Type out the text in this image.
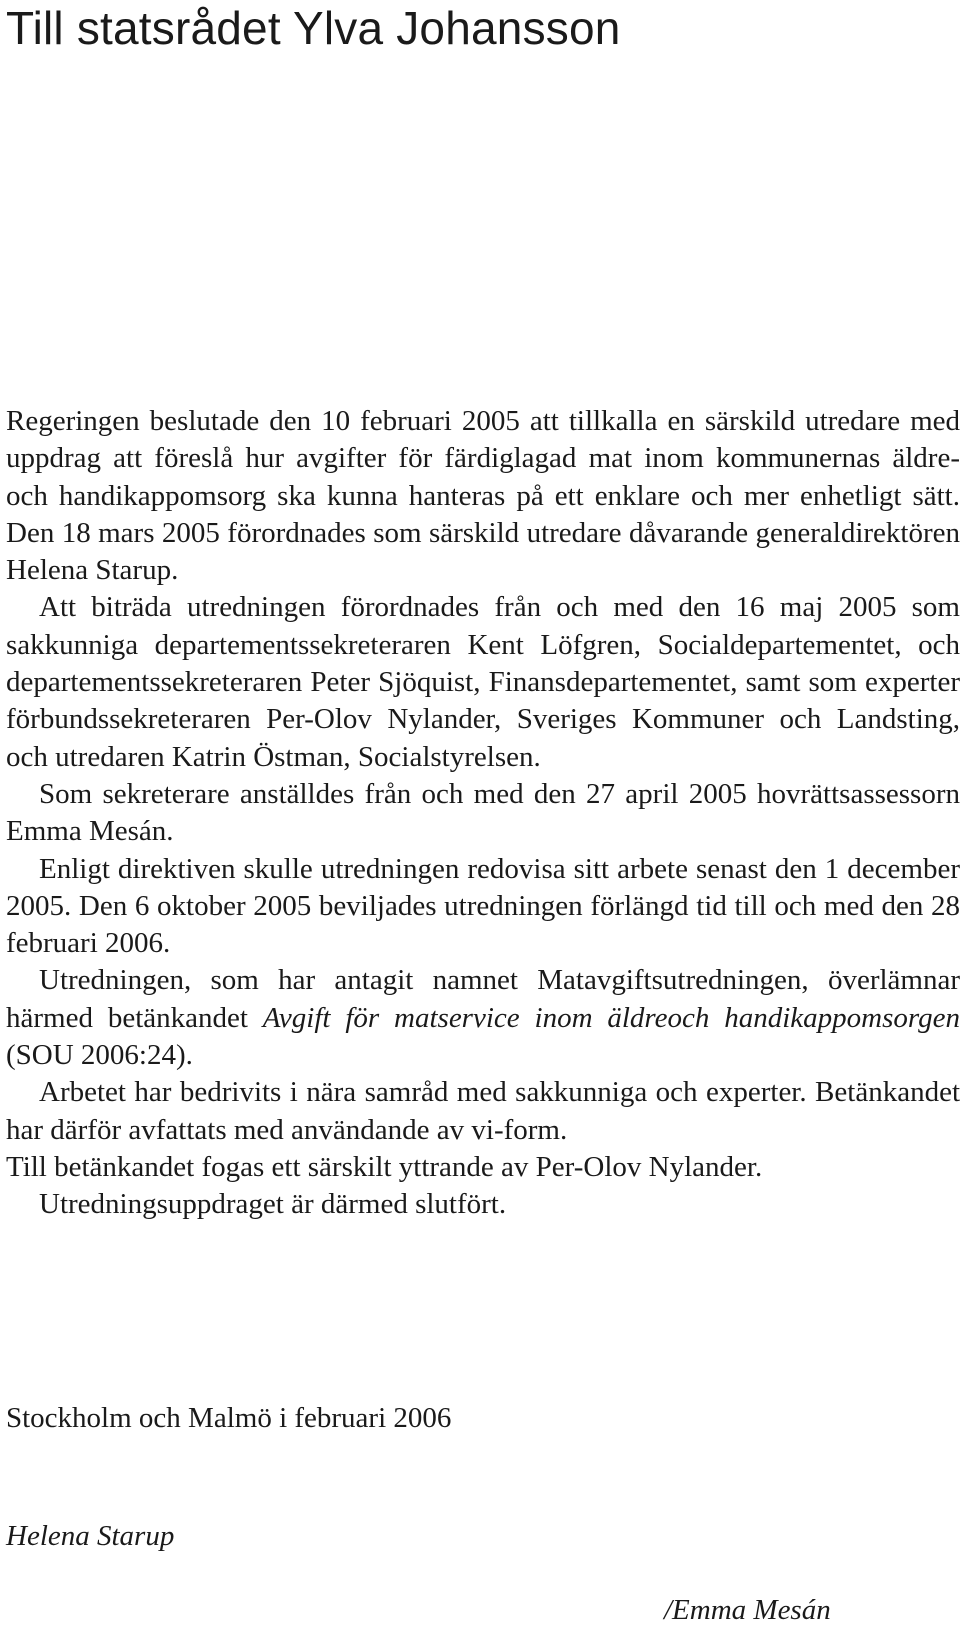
Till statsrådet Ylva Johansson

Regeringen beslutade den 10 februari 2005 att tillkalla en särskild utredare med uppdrag att föreslå hur avgifter för färdiglagad mat inom kommunernas äldre- och handikappomsorg ska kunna hanteras på ett enklare och mer enhetligt sätt. Den 18 mars 2005 förordnades som särskild utredare dåvarande generaldirektören Helena Starup.

Att biträda utredningen förordnades från och med den 16 maj 2005 som sakkunniga departementssekreteraren Kent Löfgren, Socialdepartementet, och departementssekreteraren Peter Sjöquist, Finansdepartementet, samt som experter förbundssekreteraren Per-Olov Nylander, Sveriges Kommuner och Landsting, och utredaren Katrin Östman, Socialstyrelsen.

Som sekreterare anställdes från och med den 27 april 2005 hovrättsassessorn Emma Mesán.

Enligt direktiven skulle utredningen redovisa sitt arbete senast den 1 december 2005. Den 6 oktober 2005 beviljades utredningen förlängd tid till och med den 28 februari 2006.

Utredningen, som har antagit namnet Matavgiftsutredningen, överlämnar härmed betänkandet Avgift för matservice inom äldreoch handikappomsorgen (SOU 2006:24).

Arbetet har bedrivits i nära samråd med sakkunniga och experter. Betänkandet har därför avfattats med användande av vi-form.

Till betänkandet fogas ett särskilt yttrande av Per-Olov Nylander.

Utredningsuppdraget är därmed slutfört.

Stockholm och Malmö i februari 2006

Helena Starup

/Emma Mesán
